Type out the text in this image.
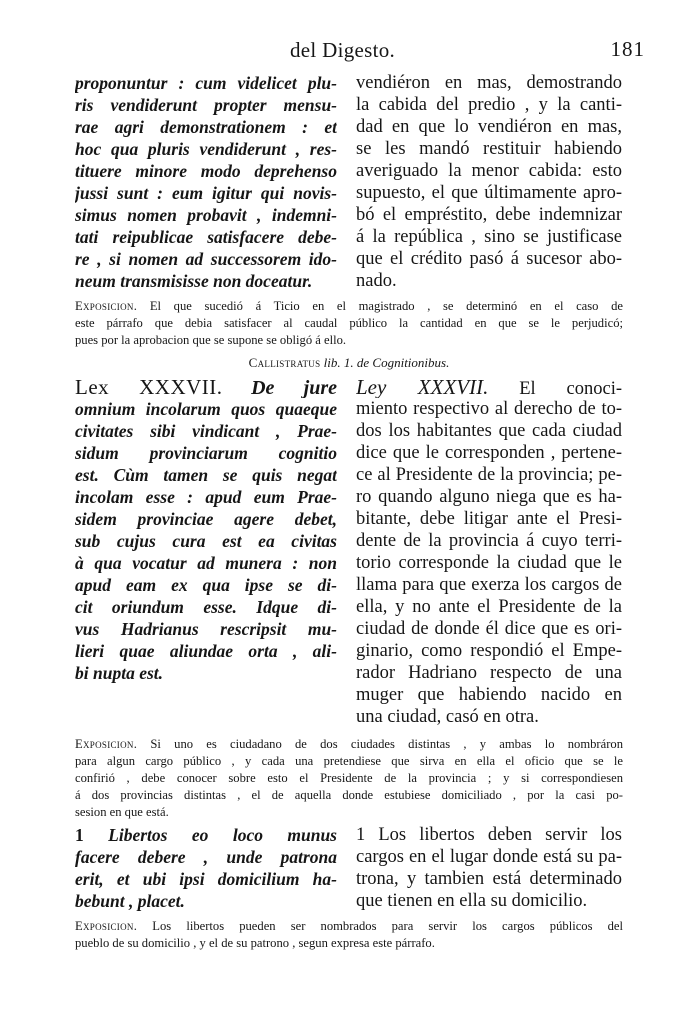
del Digesto.	181
proponuntur : cum videlicet plu-
ris vendiderunt propter mensu-
rae agri demonstrationem : et
hoc qua pluris vendiderunt , res-
tituere minore modo deprehenso
jussi sunt : eum igitur qui novis-
simus nomen probavit , indemni-
tati reipublicae satisfacere debe-
re , si nomen ad successorem ido-
neum transmisisse non doceatur.
vendiéron en mas, demostrando
la cabida del predio , y la canti-
dad en que lo vendiéron en mas,
se les mandó restituir habiendo
averiguado la menor cabida: esto
supuesto, el que últimamente apro-
bó el empréstito, debe indemnizar
á la república , sino se justificase
que el crédito pasó á sucesor abo-
nado.
Exposicion. El que sucedió á Ticio en el magistrado , se determinó en el caso de
este párrafo que debia satisfacer al caudal público la cantidad en que se le perjudicó;
pues por la aprobacion que se supone se obligó á ello.
Callistratus lib. 1. de Cognitionibus.
Lex XXXVII. De jure
omnium incolarum quos quaeque
civitates sibi vindicant , Prae-
sidum provinciarum cognitio
est. Cùm tamen se quis negat
incolam esse : apud eum Prae-
sidem provinciae agere debet,
sub cujus cura est ea civitas
à qua vocatur ad munera : non
apud eam ex qua ipse se di-
cit oriundum esse. Idque di-
vus Hadrianus rescripsit mu-
lieri quae aliundae orta , ali-
bi nupta est.
Ley XXXVII. El conoci-
miento respectivo al derecho de to-
dos los habitantes que cada ciudad
dice que le corresponden , pertene-
ce al Presidente de la provincia; pe-
ro quando alguno niega que es ha-
bitante, debe litigar ante el Presi-
dente de la provincia á cuyo terri-
torio corresponde la ciudad que le
llama para que exerza los cargos de
ella, y no ante el Presidente de la
ciudad de donde él dice que es ori-
ginario, como respondió el Empe-
rador Hadriano respecto de una
muger que habiendo nacido en
una ciudad, casó en otra.
Exposicion. Si uno es ciudadano de dos ciudades distintas , y ambas lo nombráron
para algun cargo público , y cada una pretendiese que sirva en ella el oficio que se le
confirió , debe conocer sobre esto el Presidente de la provincia ; y si correspondiesen
á dos provincias distintas , el de aquella donde estubiese domiciliado , por la casi po-
sesion en que está.
1 Libertos eo loco munus
facere debere , unde patrona
erit, et ubi ipsi domicilium ha-
bebunt , placet.
1 Los libertos deben servir los
cargos en el lugar donde está su pa-
trona, y tambien está determinado
que tienen en ella su domicilio.
Exposicion. Los libertos pueden ser nombrados para servir los cargos públicos del
pueblo de su domicilio , y el de su patrono , segun expresa este párrafo.
